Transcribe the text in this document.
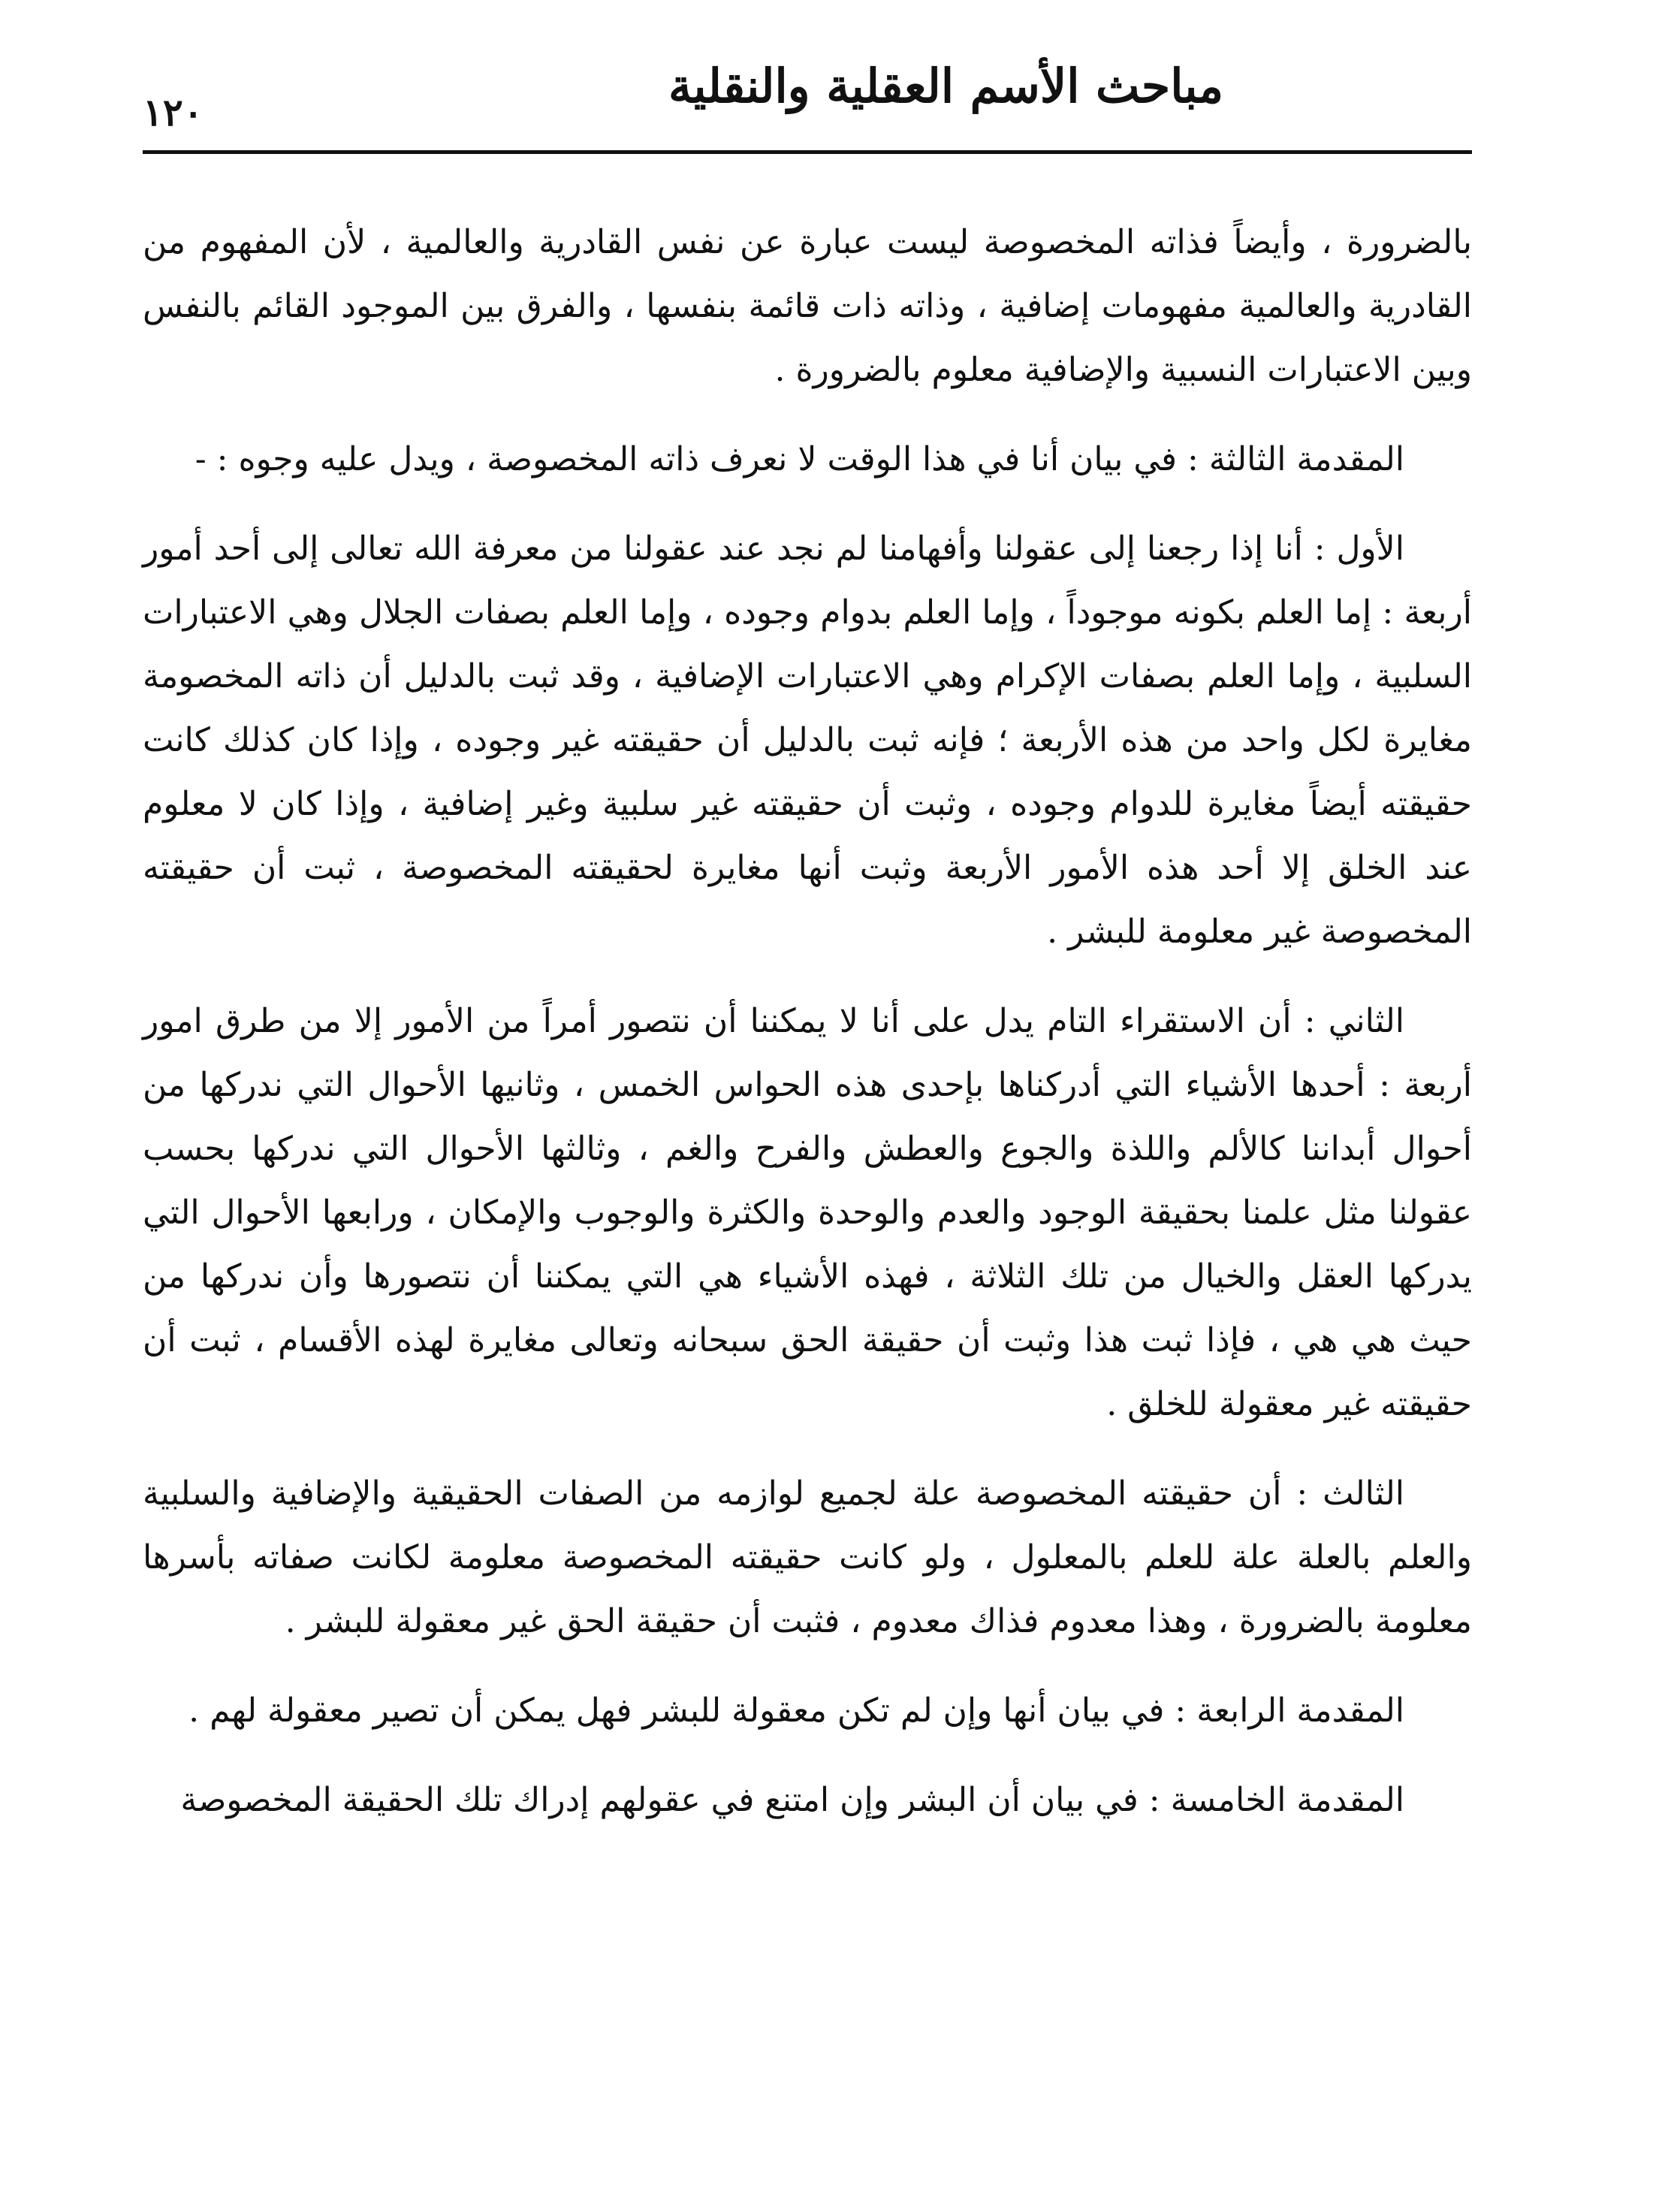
مباحث الأسم العقلية والنقلية
١٢٠

بالضرورة ، وأيضاً فذاته المخصوصة ليست عبارة عن نفس القادرية والعالمية ، لأن المفهوم من القادرية والعالمية مفهومات إضافية ، وذاته ذات قائمة بنفسها ، والفرق بين الموجود القائم بالنفس وبين الاعتبارات النسبية والإضافية معلوم بالضرورة .

المقدمة الثالثة : في بيان أنا في هذا الوقت لا نعرف ذاته المخصوصة ، ويدل عليه وجوه : -

الأول : أنا إذا رجعنا إلى عقولنا وأفهامنا لم نجد عند عقولنا من معرفة الله تعالى إلى أحد أمور أربعة : إما العلم بكونه موجوداً ، وإما العلم بدوام وجوده ، وإما العلم بصفات الجلال وهي الاعتبارات السلبية ، وإما العلم بصفات الإكرام وهي الاعتبارات الإضافية ، وقد ثبت بالدليل أن ذاته المخصومة مغايرة لكل واحد من هذه الأربعة ؛ فإنه ثبت بالدليل أن حقيقته غير وجوده ، وإذا كان كذلك كانت حقيقته أيضاً مغايرة للدوام وجوده ، وثبت أن حقيقته غير سلبية وغير إضافية ، وإذا كان لا معلوم عند الخلق إلا أحد هذه الأمور الأربعة وثبت أنها مغايرة لحقيقته المخصوصة ، ثبت أن حقيقته المخصوصة غير معلومة للبشر .

الثاني : أن الاستقراء التام يدل على أنا لا يمكننا أن نتصور أمراً من الأمور إلا من طرق امور أربعة : أحدها الأشياء التي أدركناها بإحدى هذه الحواس الخمس ، وثانيها الأحوال التي ندركها من أحوال أبداننا كالألم واللذة والجوع والعطش والفرح والغم ، وثالثها الأحوال التي ندركها بحسب عقولنا مثل علمنا بحقيقة الوجود والعدم والوحدة والكثرة والوجوب والإمكان ، ورابعها الأحوال التي يدركها العقل والخيال من تلك الثلاثة ، فهذه الأشياء هي التي يمكننا أن نتصورها وأن ندركها من حيث هي هي ، فإذا ثبت هذا وثبت أن حقيقة الحق سبحانه وتعالى مغايرة لهذه الأقسام ، ثبت أن حقيقته غير معقولة للخلق .

الثالث : أن حقيقته المخصوصة علة لجميع لوازمه من الصفات الحقيقية والإضافية والسلبية والعلم بالعلة علة للعلم بالمعلول ، ولو كانت حقيقته المخصوصة معلومة لكانت صفاته بأسرها معلومة بالضرورة ، وهذا معدوم فذاك معدوم ، فثبت أن حقيقة الحق غير معقولة للبشر .

المقدمة الرابعة : في بيان أنها وإن لم تكن معقولة للبشر فهل يمكن أن تصير معقولة لهم .

المقدمة الخامسة : في بيان أن البشر وإن امتنع في عقولهم إدراك تلك الحقيقة المخصوصة
